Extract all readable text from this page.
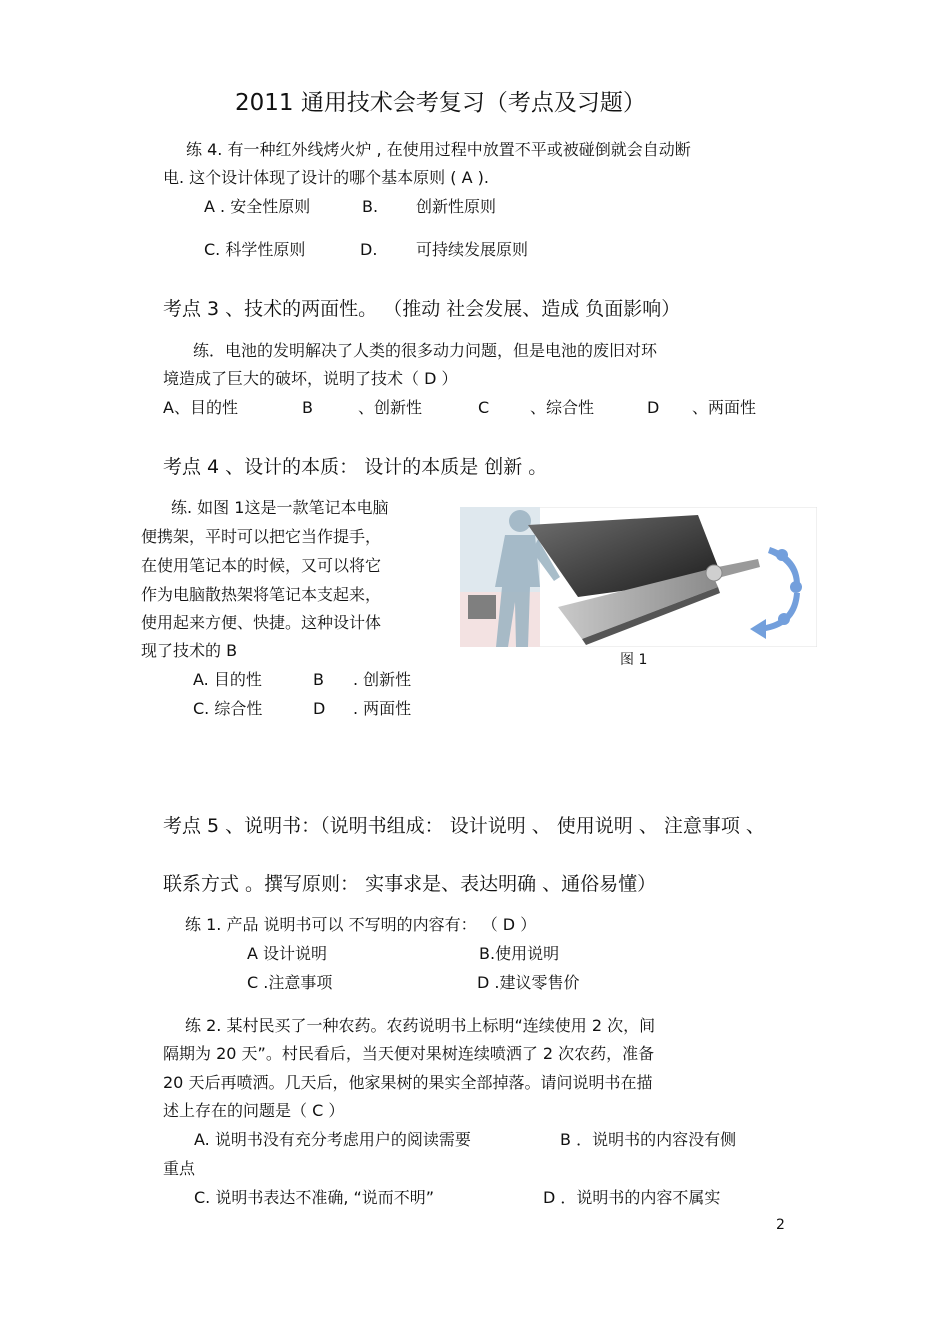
2011 通用技术会考复习（考点及习题）
练 4. 有一种红外线烤火炉 , 在使用过程中放置不平或被碰倒就会自动断
电. 这个设计体现了设计的哪个基本原则 ( A ).
A . 安全性原则	B. 创新性原则
C. 科学性原则	D. 可持续发展原则
考点 3 、技术的两面性。 （推动 社会发展、造成 负面影响）
练．电池的发明解决了人类的很多动力问题，但是电池的废旧对环
境造成了巨大的破坏，说明了技术（ D ）
A、目的性	B	、创新性	C	、综合性	D 、两面性
考点 4 、设计的本质： 设计的本质是 创新 。
练. 如图 1这是一款笔记本电脑
便携架，平时可以把它当作提手，
在使用笔记本的时候，又可以将它
作为电脑散热架将笔记本支起来，
使用起来方便、快捷。这种设计体
现了技术的 B
A. 目的性	B . 创新性
C. 综合性	D . 两面性
图 1
考点 5 、说明书：（说明书组成： 设计说明 、 使用说明 、 注意事项 、
联系方式 。撰写原则： 实事求是、表达明确 、通俗易懂）
练 1. 产品 说明书可以 不写明的内容有： （ D ）
A 设计说明	B.使用说明
C .注意事项	D .建议零售价
练 2. 某村民买了一种农药。农药说明书上标明“连续使用 2 次，间
隔期为 20 天”。村民看后，当天便对果树连续喷洒了 2 次农药，准备
20 天后再喷洒。几天后，他家果树的果实全部掉落。请问说明书在描
述上存在的问题是（ C ）
A. 说明书没有充分考虑用户的阅读需要	B ．说明书的内容没有侧
重点
C. 说明书表达不准确, “说而不明”	D ．说明书的内容不属实
2
